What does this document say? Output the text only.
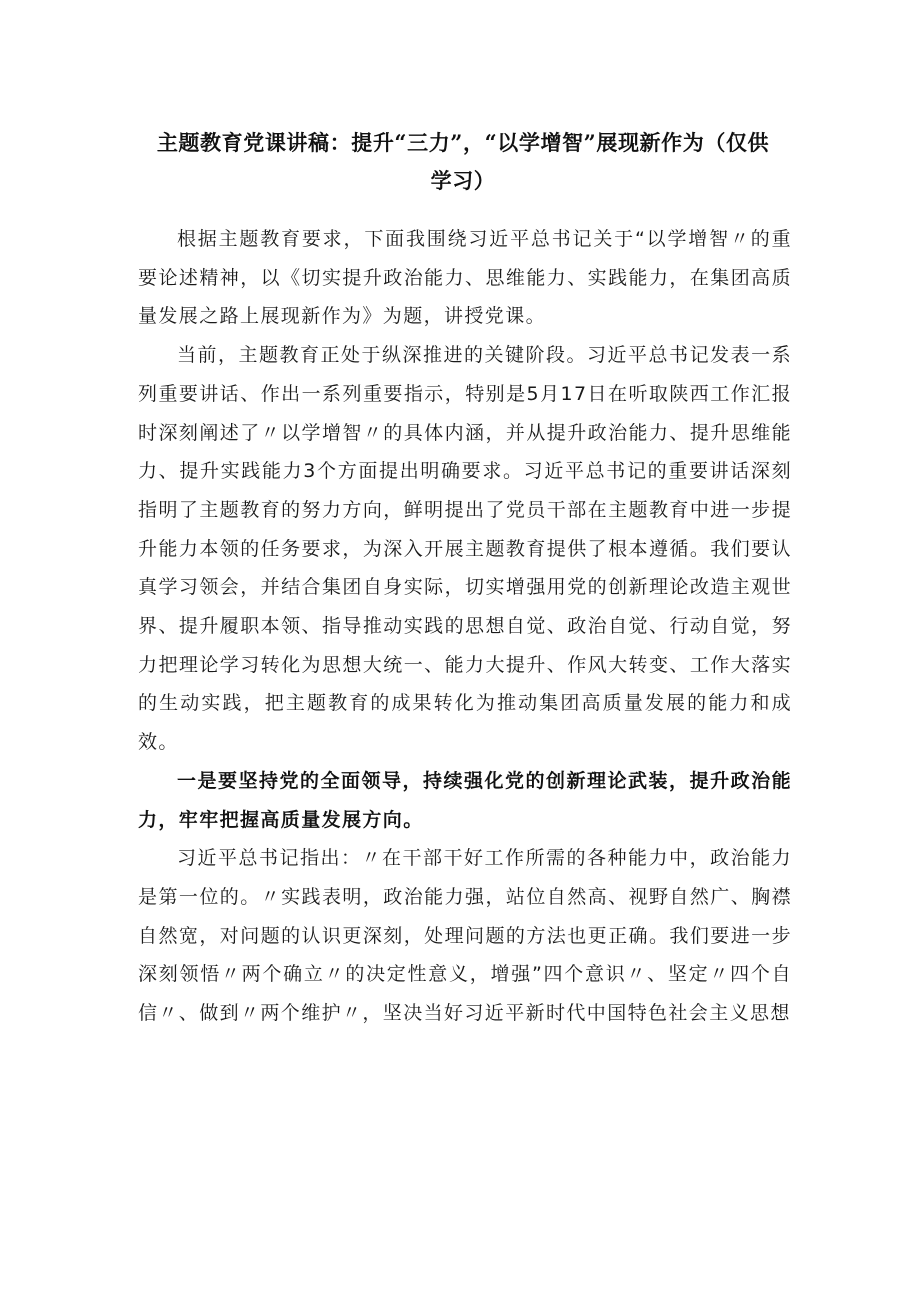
主题教育党课讲稿：提升“三力”，“以学增智”展现新作为（仅供
学习）

根据主题教育要求，下面我围绕习近平总书记关于“以学增智〃的重要论述精神，以《切实提升政治能力、思维能力、实践能力，在集团高质量发展之路上展现新作为》为题，讲授党课。

当前，主题教育正处于纵深推进的关键阶段。习近平总书记发表一系列重要讲话、作出一系列重要指示，特别是5月17日在听取陕西工作汇报时深刻阐述了〃以学增智〃的具体内涵，并从提升政治能力、提升思维能力、提升实践能力3个方面提出明确要求。习近平总书记的重要讲话深刻指明了主题教育的努力方向，鲜明提出了党员干部在主题教育中进一步提升能力本领的任务要求，为深入开展主题教育提供了根本遵循。我们要认真学习领会，并结合集团自身实际，切实增强用党的创新理论改造主观世界、提升履职本领、指导推动实践的思想自觉、政治自觉、行动自觉，努力把理论学习转化为思想大统一、能力大提升、作风大转变、工作大落实的生动实践，把主题教育的成果转化为推动集团高质量发展的能力和成效。

一是要坚持党的全面领导，持续强化党的创新理论武装，提升政治能力，牢牢把握高质量发展方向。

习近平总书记指出：〃在干部干好工作所需的各种能力中，政治能力是第一位的。〃实践表明，政治能力强，站位自然高、视野自然广、胸襟自然宽，对问题的认识更深刻，处理问题的方法也更正确。我们要进一步深刻领悟〃两个确立〃的决定性意义，增强”四个意识〃、坚定〃四个自信〃、做到〃两个维护〃，坚决当好习近平新时代中国特色社会主义思想
